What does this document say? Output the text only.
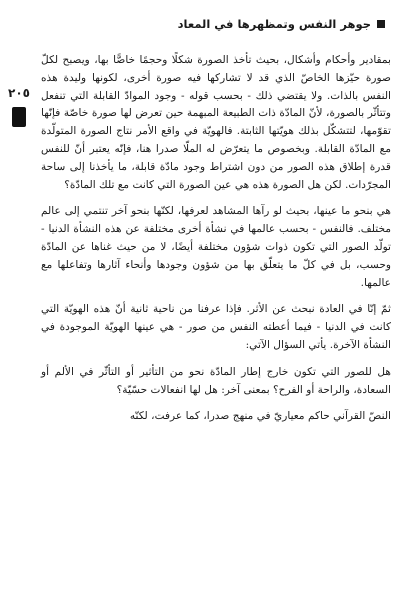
جوهر النفس وتمظهرها في المعاد
٢٠٥

بمقادير وأحكام وأشكال، بحيث تأخذ الصورة شكلًا وحجمًا خاصًّا بها، ويصبح لكلّ صورة حيّزها الخاصّ الذي قد لا تشاركها فيه صورة أخرى، لكونها وليدة هذه النفس بالذات. ولا يقتضي ذلك - بحسب قوله - وجود الموادّ القابلة التي تنفعل وتتأثّر بالصورة، لأنّ المادّة ذات الطبيعة المبهمة حين تعرض لها صورة خاصّة فإنّها تقوّمها، لتتشكّل بذلك هويّتها الثابتة. فالهويّة في واقع الأمر نتاج الصورة المتولّدة مع المادّة القابلة. وبخصوص ما يتعرّض له الملّا صدرا هنا، فإنّه يعتبر أنّ للنفس قدرة إطلاق هذه الصور من دون اشتراط وجود مادّة قابلة، ما يأخذنا إلى ساحة المجرّدات. لكن هل الصورة هذه هي عين الصورة التي كانت مع تلك المادّة؟

هي بنحو ما عينها، بحيث لو رآها المشاهد لعرفها، لكنّها بنحو آخر تنتمي إلى عالم مختلف. فالنفس - بحسب عالمها في نشأة أخرى مختلفة عن هذه النشأة الدنيا - تولّد الصور التي تكون ذوات شؤون مختلفة أيضًا، لا من حيث غناها عن المادّة وحسب، بل في كلّ ما يتعلّق بها من شؤون وجودها وأنحاء آثارها وتفاعلها مع عالمها.

ثمّ إنّا في العادة نبحث عن الأثر. فإذا عرفنا من ناحية ثانية أنّ هذه الهويّة التي كانت في الدنيا - فيما أعطته النفس من صور - هي عينها الهويّة الموجودة في النشأة الآخرة. يأتي السؤال الآتي:

هل للصور التي تكون خارج إطار المادّة نحو من التأثير أو التأثّر في الألم أو السعادة، والراحة أو الفرح؟ بمعنى آخر: هل لها انفعالات حسّيّة؟

النصّ القرآني حاكم معياريّ في منهج صدرا، كما عرفت، لكنّه
